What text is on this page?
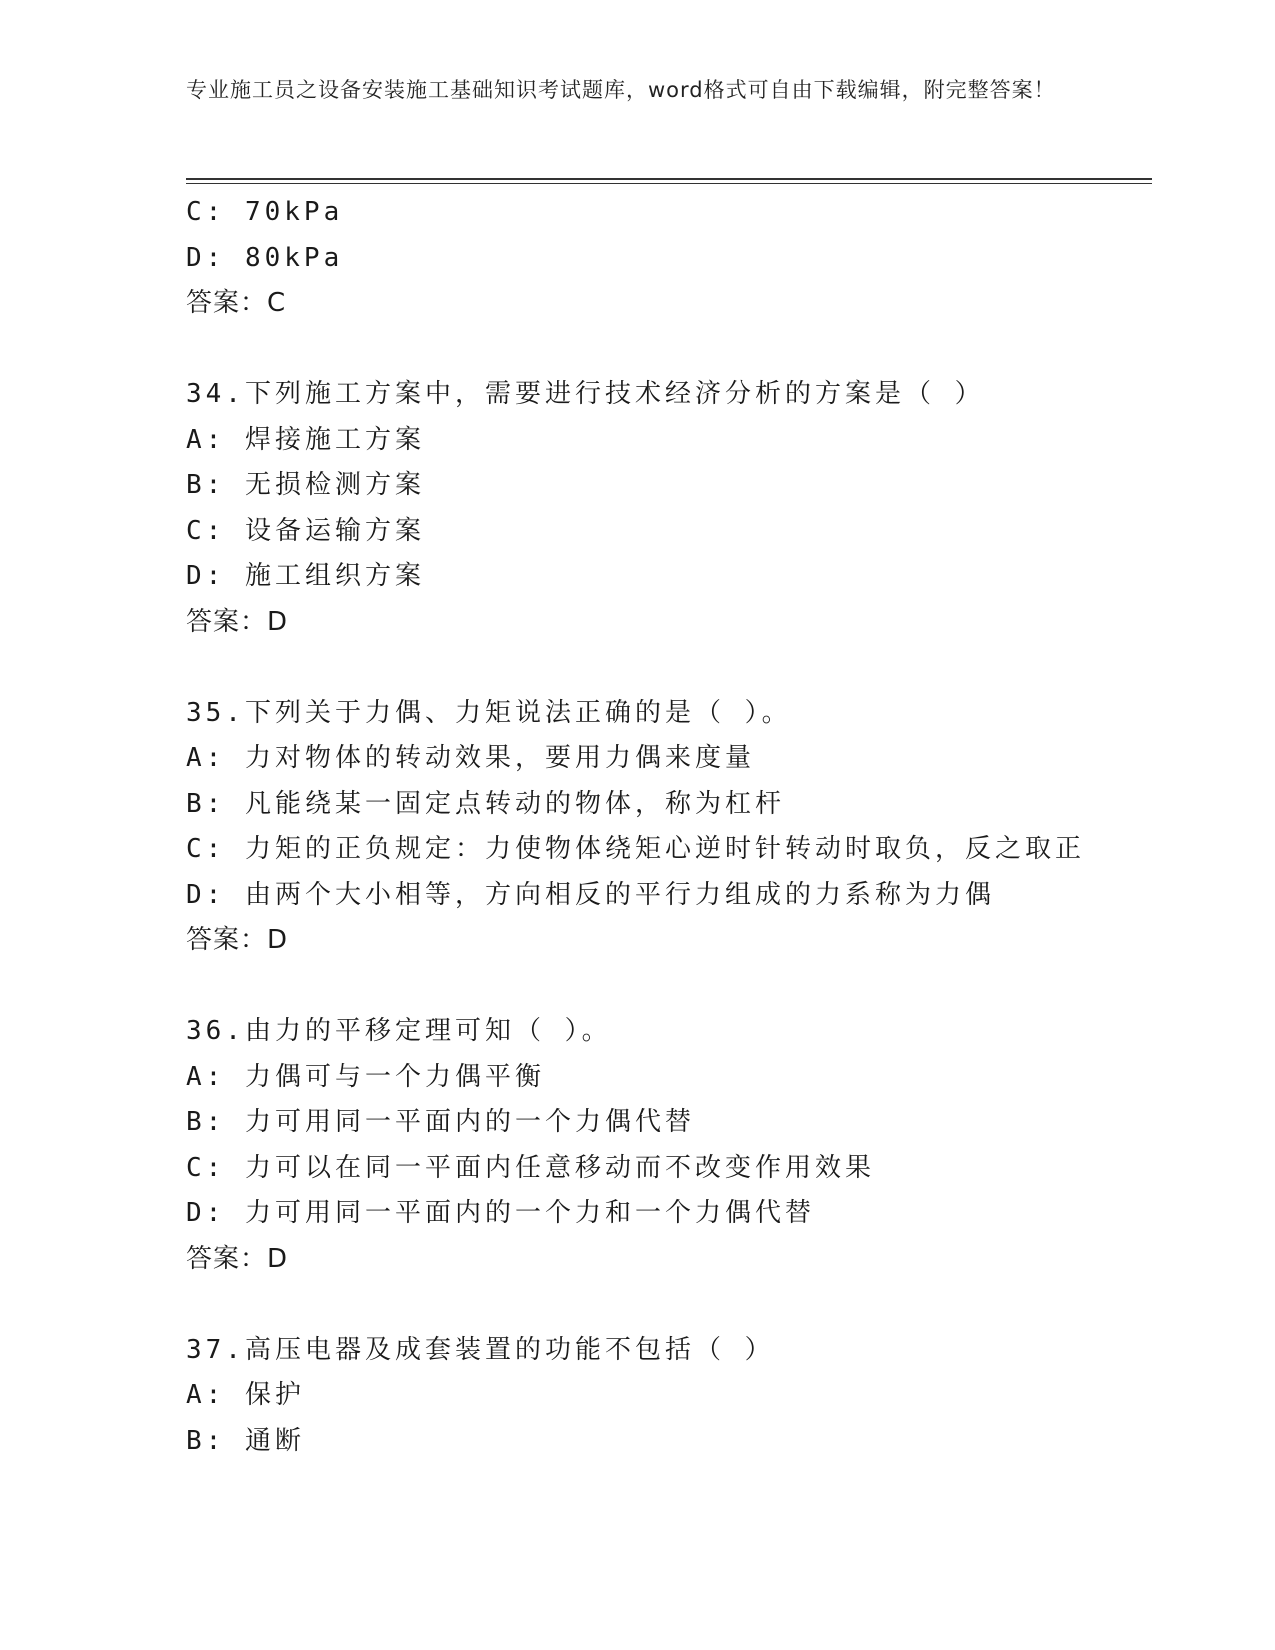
专业施工员之设备安装施工基础知识考试题库，word格式可自由下载编辑，附完整答案！
C: 70kPa
D: 80kPa
答案：C
34.下列施工方案中，需要进行技术经济分析的方案是（ ）
A: 焊接施工方案
B: 无损检测方案
C: 设备运输方案
D: 施工组织方案
答案：D
35.下列关于力偶、力矩说法正确的是（ ）。
A: 力对物体的转动效果，要用力偶来度量
B: 凡能绕某一固定点转动的物体，称为杠杆
C: 力矩的正负规定：力使物体绕矩心逆时针转动时取负，反之取正
D: 由两个大小相等，方向相反的平行力组成的力系称为力偶
答案：D
36.由力的平移定理可知（ ）。
A: 力偶可与一个力偶平衡
B: 力可用同一平面内的一个力偶代替
C: 力可以在同一平面内任意移动而不改变作用效果
D: 力可用同一平面内的一个力和一个力偶代替
答案：D
37.高压电器及成套装置的功能不包括（ ）
A: 保护
B: 通断
